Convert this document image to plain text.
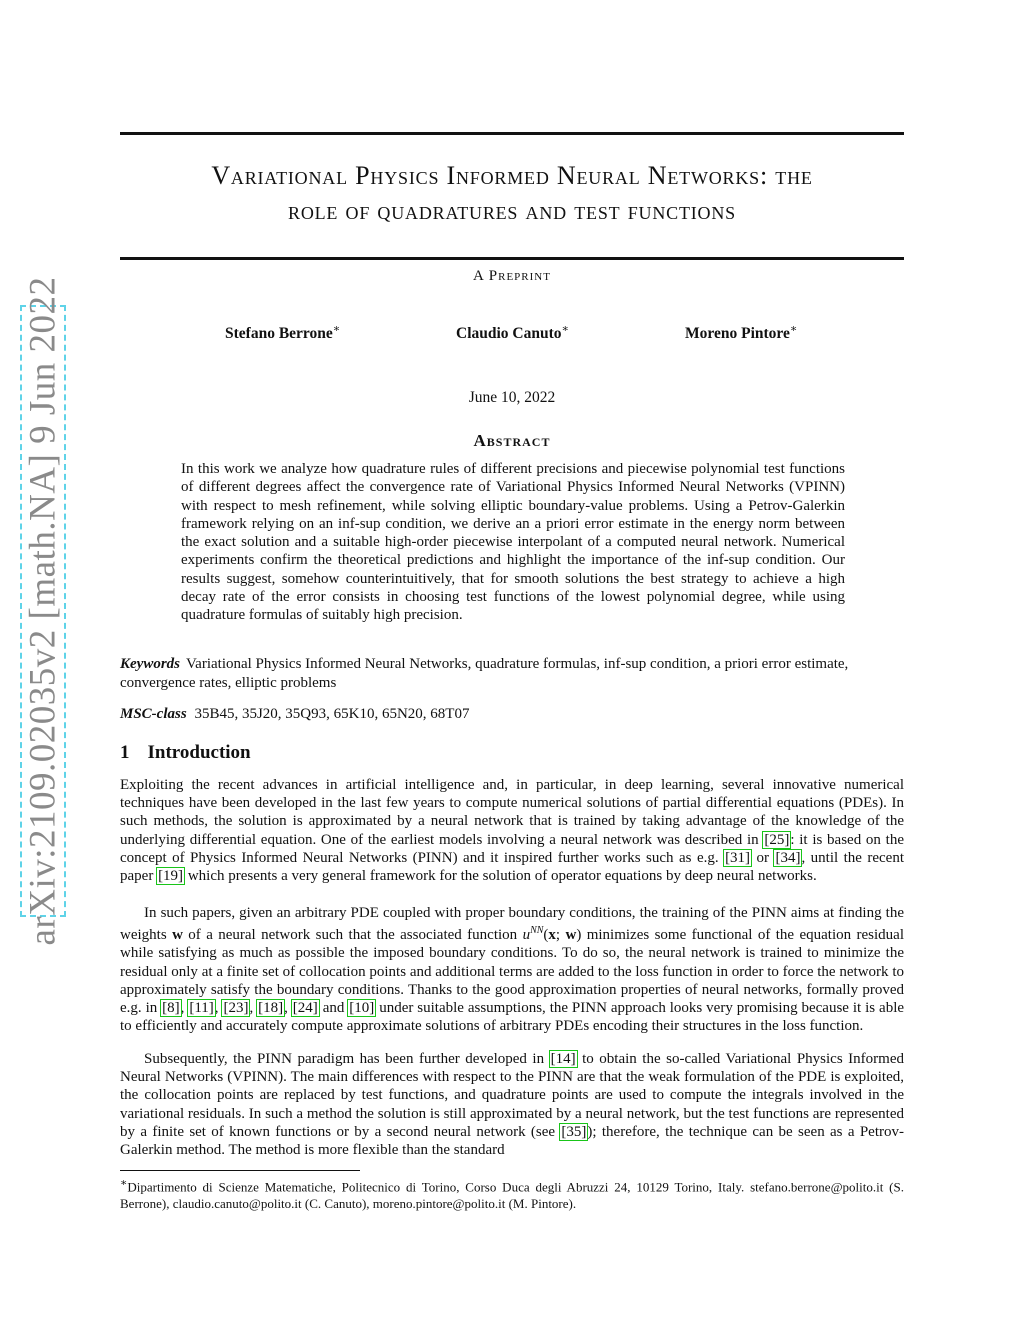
arXiv:2109.02035v2 [math.NA] 9 Jun 2022
Variational Physics Informed Neural Networks: the
role of quadratures and test functions
A Preprint
Stefano Berrone∗	Claudio Canuto∗	Moreno Pintore∗
June 10, 2022
Abstract

In this work we analyze how quadrature rules of different precisions and piecewise polynomial test functions of different degrees affect the convergence rate of Variational Physics Informed Neural Networks (VPINN) with respect to mesh refinement, while solving elliptic boundary-value problems. Using a Petrov-Galerkin framework relying on an inf-sup condition, we derive an a priori error estimate in the energy norm between the exact solution and a suitable high-order piecewise interpolant of a computed neural network. Numerical experiments confirm the theoretical predictions and highlight the importance of the inf-sup condition. Our results suggest, somehow counterintuitively, that for smooth solutions the best strategy to achieve a high decay rate of the error consists in choosing test functions of the lowest polynomial degree, while using quadrature formulas of suitably high precision.

Keywords Variational Physics Informed Neural Networks, quadrature formulas, inf-sup condition, a priori error estimate, convergence rates, elliptic problems

MSC-class 35B45, 35J20, 35Q93, 65K10, 65N20, 68T07

1 Introduction

Exploiting the recent advances in artificial intelligence and, in particular, in deep learning, several innovative numerical techniques have been developed in the last few years to compute numerical solutions of partial differential equations (PDEs). In such methods, the solution is approximated by a neural network that is trained by taking advantage of the knowledge of the underlying differential equation. One of the earliest models involving a neural network was described in [25]: it is based on the concept of Physics Informed Neural Networks (PINN) and it inspired further works such as e.g. [31] or [34], until the recent paper [19] which presents a very general framework for the solution of operator equations by deep neural networks.

In such papers, given an arbitrary PDE coupled with proper boundary conditions, the training of the PINN aims at finding the weights w of a neural network such that the associated function $u^{NN}(x$; w) minimizes some functional of the equation residual while satisfying as much as possible the imposed boundary conditions. To do so, the neural network is trained to minimize the residual only at a finite set of collocation points and additional terms are added to the loss function in order to force the network to approximately satisfy the boundary conditions. Thanks to the good approximation properties of neural networks, formally proved e.g. in [8], [11], [23], [18], [24] and [10] under suitable assumptions, the PINN approach looks very promising because it is able to efficiently and accurately compute approximate solutions of arbitrary PDEs encoding their structures in the loss function.

Subsequently, the PINN paradigm has been further developed in [14] to obtain the so-called Variational Physics Informed Neural Networks (VPINN). The main differences with respect to the PINN are that the weak formulation of the PDE is exploited, the collocation points are replaced by test functions, and quadrature points are used to compute the integrals involved in the variational residuals. In such a method the solution is still approximated by a neural network, but the test functions are represented by a finite set of known functions or by a second neural network (see [35]); therefore, the technique can be seen as a Petrov-Galerkin method. The method is more flexible than the standard

∗Dipartimento di Scienze Matematiche, Politecnico di Torino, Corso Duca degli Abruzzi 24, 10129 Torino, Italy. stefano.berrone@polito.it (S. Berrone), claudio.canuto@polito.it (C. Canuto), moreno.pintore@polito.it (M. Pintore).
